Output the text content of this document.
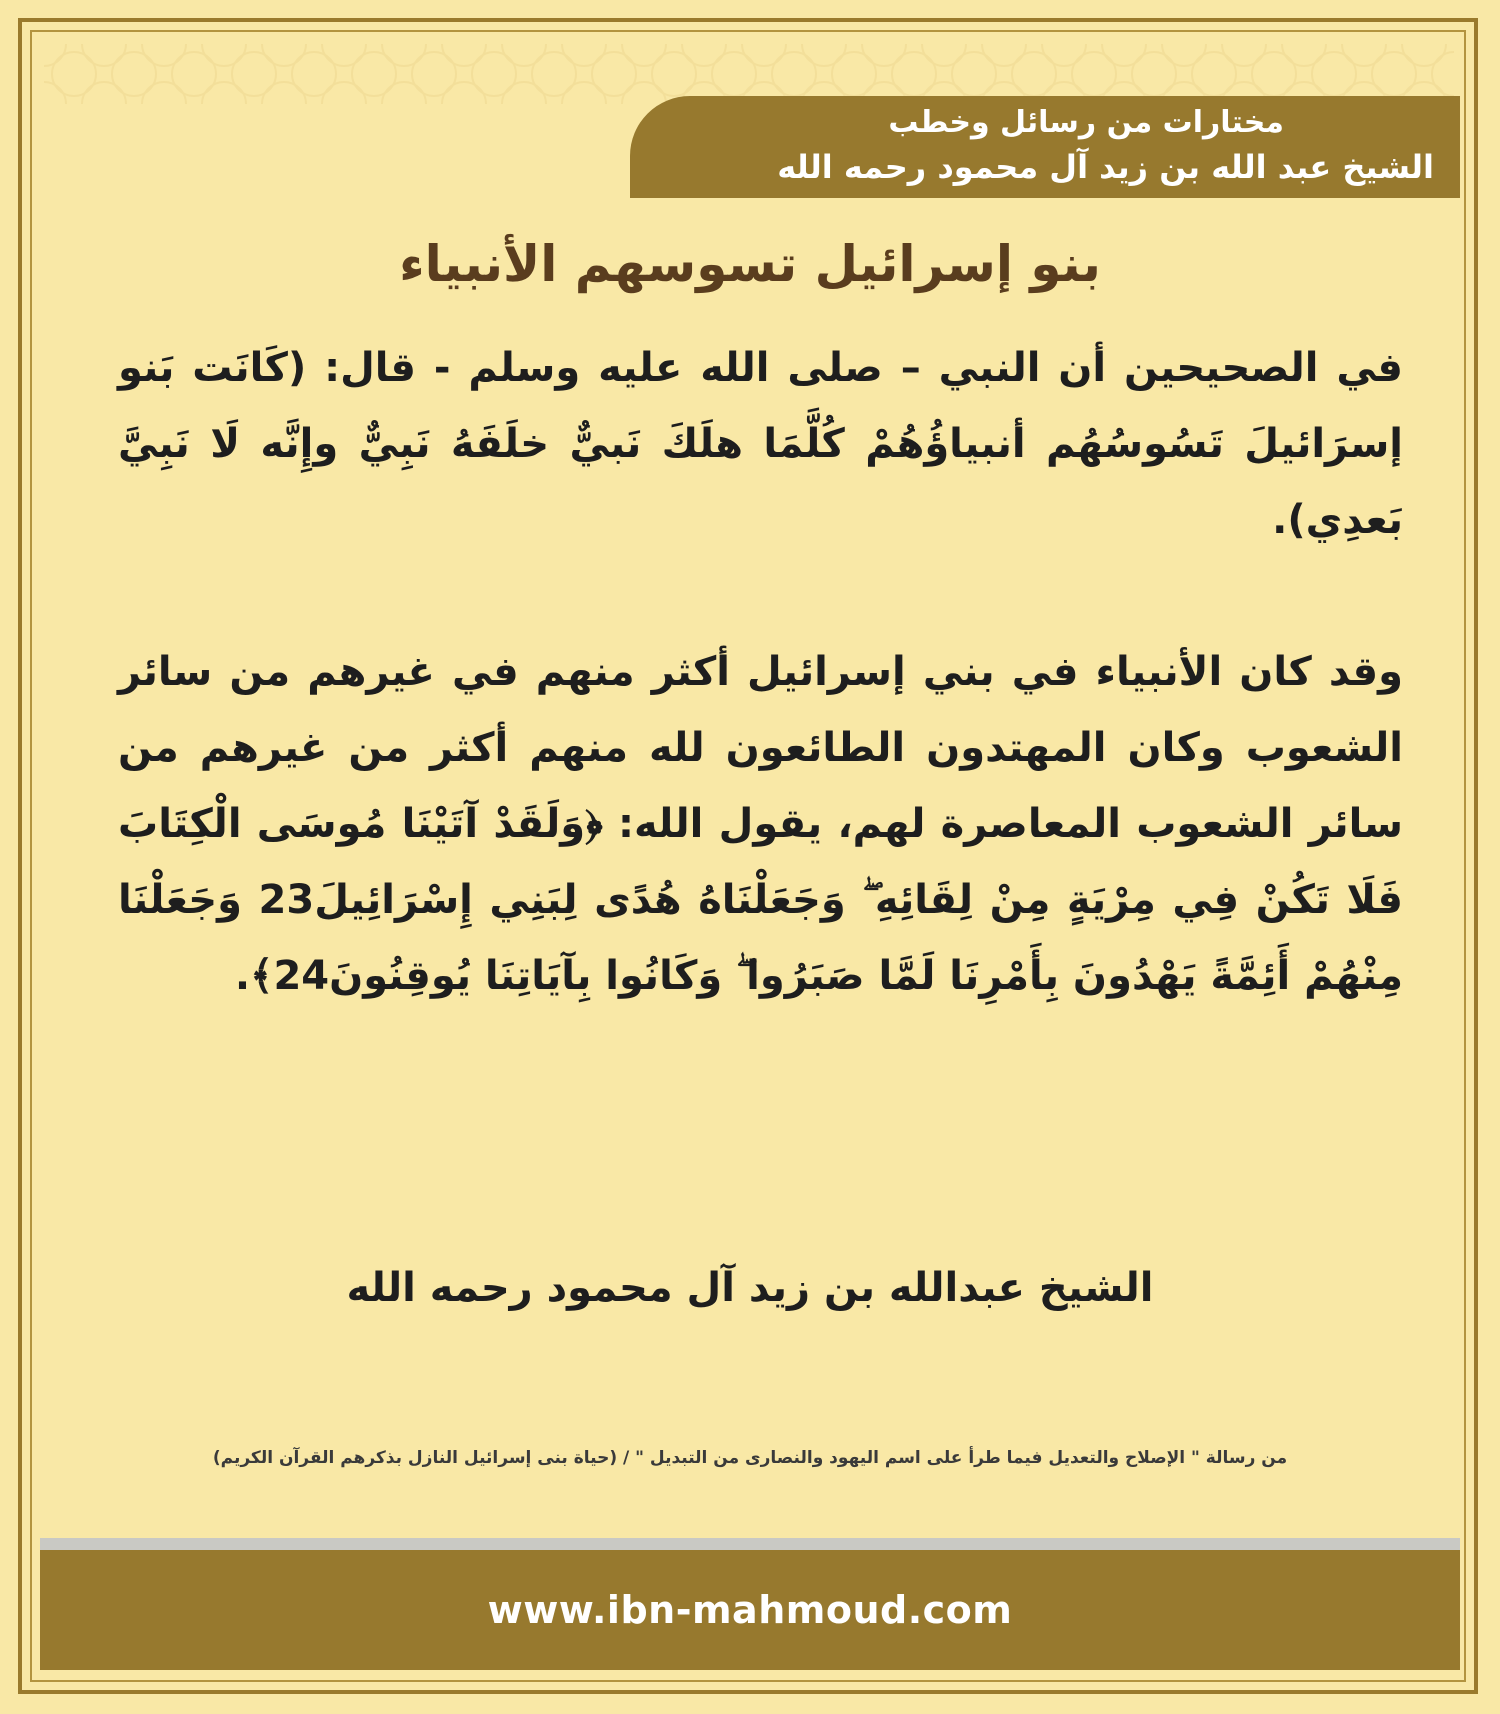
مختارات من رسائل وخطب
الشيخ عبد الله بن زيد آل محمود رحمه الله
بنو إسرائيل تسوسهم الأنبياء

في الصحيحين أن النبي – صلى الله عليه وسلم - قال: (كَانَت بَنو إسرَائيلَ تَسُوسُهُم أنبياؤُهُمْ كُلَّمَا هلَكَ نَبيٌّ خلَفَهُ نَبِيٌّ وإِنَّه لَا نَبِيَّ بَعدِي).

وقد كان الأنبياء في بني إسرائيل أكثر منهم في غيرهم من سائر الشعوب وكان المهتدون الطائعون لله منهم أكثر من غيرهم من سائر الشعوب المعاصرة لهم، يقول الله: ﴿وَلَقَدْ آتَيْنَا مُوسَى الْكِتَابَ فَلَا تَكُنْ فِي مِرْيَةٍ مِنْ لِقَائِهِ ۖ وَجَعَلْنَاهُ هُدًى لِبَنِي إِسْرَائِيلَ23 وَجَعَلْنَا مِنْهُمْ أَئِمَّةً يَهْدُونَ بِأَمْرِنَا لَمَّا صَبَرُوا ۖ وَكَانُوا بِآيَاتِنَا يُوقِنُونَ24﴾.

الشيخ عبدالله بن زيد آل محمود رحمه الله
من رسالة " الإصلاح والتعديل فيما طرأ على اسم اليهود والنصارى من التبديل " / (حياة بنى إسرائيل النازل بذكرهم القرآن الكريم)
www.ibn-mahmoud.com
